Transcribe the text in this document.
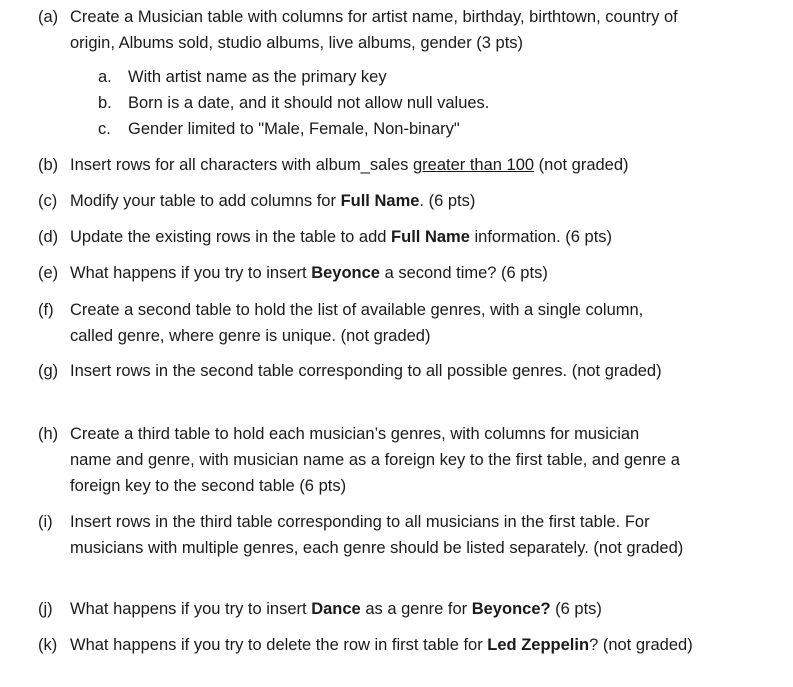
(a) Create a Musician table with columns for artist name, birthday, birthtown, country of origin, Albums sold, studio albums, live albums, gender (3 pts)
a. With artist name as the primary key
b. Born is a date, and it should not allow null values.
c. Gender limited to "Male, Female, Non-binary"
(b) Insert rows for all characters with album_sales greater than 100 (not graded)
(c) Modify your table to add columns for Full Name. (6 pts)
(d) Update the existing rows in the table to add Full Name information. (6 pts)
(e) What happens if you try to insert Beyonce a second time? (6 pts)
(f) Create a second table to hold the list of available genres, with a single column, called genre, where genre is unique. (not graded)
(g) Insert rows in the second table corresponding to all possible genres. (not graded)
(h) Create a third table to hold each musician’s genres, with columns for musician name and genre, with musician name as a foreign key to the first table, and genre a foreign key to the second table (6 pts)
(i) Insert rows in the third table corresponding to all musicians in the first table. For musicians with multiple genres, each genre should be listed separately. (not graded)
(j) What happens if you try to insert Dance as a genre for Beyonce? (6 pts)
(k) What happens if you try to delete the row in first table for Led Zeppelin? (not graded)
